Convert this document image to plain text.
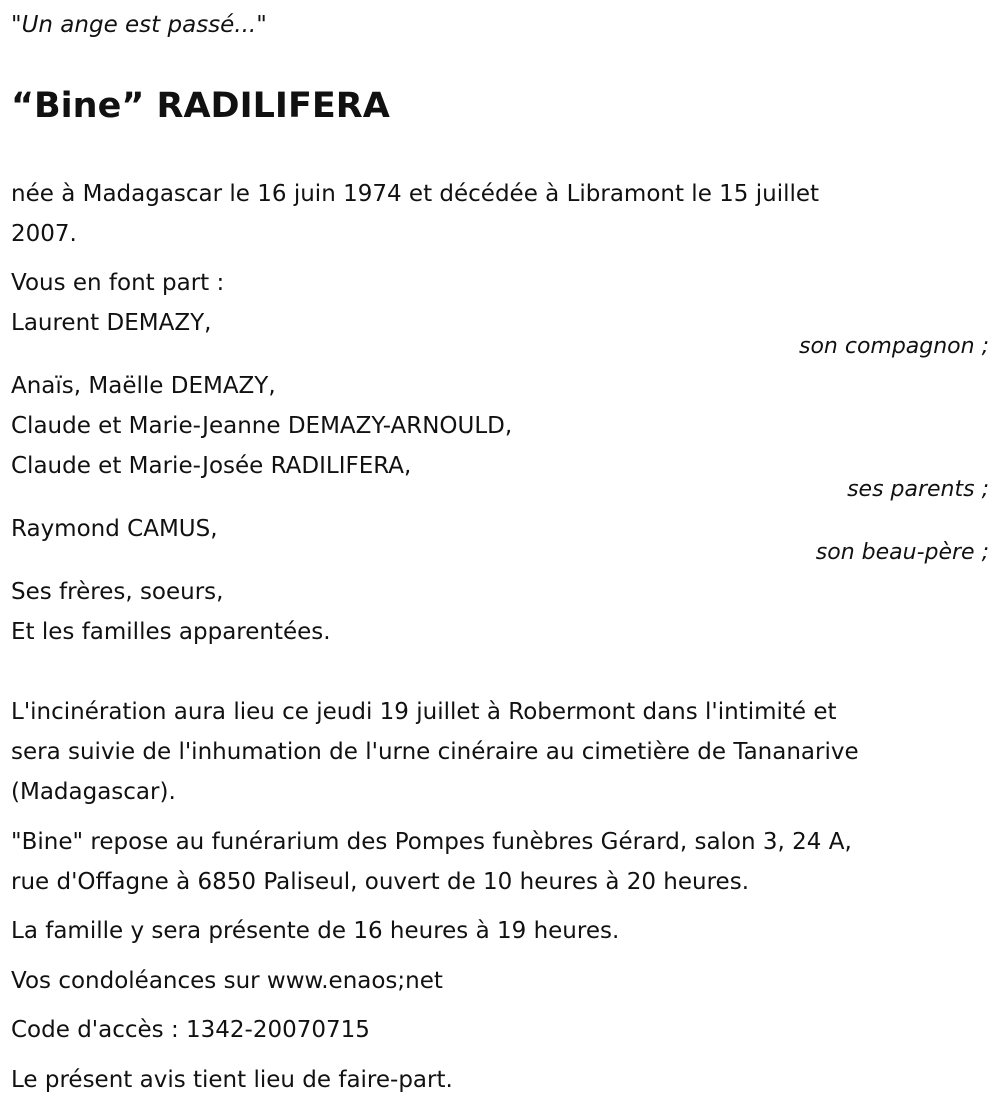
"Un ange est passé..."
“Bine” RADILIFERA
née à Madagascar le 16 juin 1974 et décédée à Libramont le 15 juillet
2007.
Vous en font part :
Laurent DEMAZY,
son compagnon ;
Anaïs, Maëlle DEMAZY,
Claude et Marie-Jeanne DEMAZY-ARNOULD,
Claude et Marie-Josée RADILIFERA,
ses parents ;
Raymond CAMUS,
son beau-père ;
Ses frères, soeurs,
Et les familles apparentées.
L'incinération aura lieu ce jeudi 19 juillet à Robermont dans l'intimité et
sera suivie de l'inhumation de l'urne cinéraire au cimetière de Tananarive
(Madagascar).
"Bine" repose au funérarium des Pompes funèbres Gérard, salon 3, 24 A,
rue d'Offagne à 6850 Paliseul, ouvert de 10 heures à 20 heures.
La famille y sera présente de 16 heures à 19 heures.
Vos condoléances sur www.enaos;net
Code d'accès : 1342-20070715
Le présent avis tient lieu de faire-part.
